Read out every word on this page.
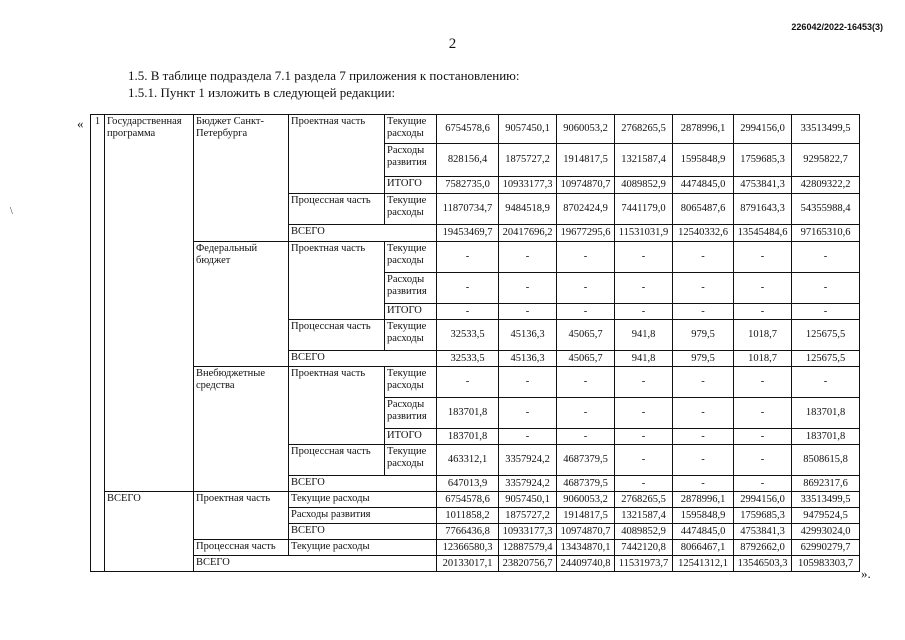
226042/2022-16453(3)
2
1.5. В таблице подраздела 7.1 раздела 7 приложения к постановлению:
1.5.1. Пункт 1 изложить в следующей редакции:
«
».
\
1	Государственная программа	Бюджет Санкт-Петербурга	Проектная часть	Текущие расходы	6754578,6	9057450,1	9060053,2	2768265,5	2878996,1	2994156,0	33513499,5
				Расходы развития	828156,4	1875727,2	1914817,5	1321587,4	1595848,9	1759685,3	9295822,7
				ИТОГО	7582735,0	10933177,3	10974870,7	4089852,9	4474845,0	4753841,3	42809322,2
			Процессная часть	Текущие расходы	11870734,7	9484518,9	8702424,9	7441179,0	8065487,6	8791643,3	54355988,4
			ВСЕГО		19453469,7	20417696,2	19677295,6	11531031,9	12540332,6	13545484,6	97165310,6
		Федеральный бюджет	Проектная часть	Текущие расходы	-	-	-	-	-	-	-
				Расходы развития	-	-	-	-	-	-	-
				ИТОГО	-	-	-	-	-	-	-
			Процессная часть	Текущие расходы	32533,5	45136,3	45065,7	941,8	979,5	1018,7	125675,5
			ВСЕГО		32533,5	45136,3	45065,7	941,8	979,5	1018,7	125675,5
		Внебюджетные средства	Проектная часть	Текущие расходы	-	-	-	-	-	-	-
				Расходы развития	183701,8	-	-	-	-	-	183701,8
				ИТОГО	183701,8	-	-	-	-	-	183701,8
			Процессная часть	Текущие расходы	463312,1	3357924,2	4687379,5	-	-	-	8508615,8
			ВСЕГО		647013,9	3357924,2	4687379,5	-	-	-	8692317,6
	ВСЕГО	Проектная часть	Текущие расходы		6754578,6	9057450,1	9060053,2	2768265,5	2878996,1	2994156,0	33513499,5
			Расходы развития		1011858,2	1875727,2	1914817,5	1321587,4	1595848,9	1759685,3	9479524,5
			ВСЕГО		7766436,8	10933177,3	10974870,7	4089852,9	4474845,0	4753841,3	42993024,0
		Процессная часть	Текущие расходы		12366580,3	12887579,4	13434870,1	7442120,8	8066467,1	8792662,0	62990279,7
		ВСЕГО			20133017,1	23820756,7	24409740,8	11531973,7	12541312,1	13546503,3	105983303,7
